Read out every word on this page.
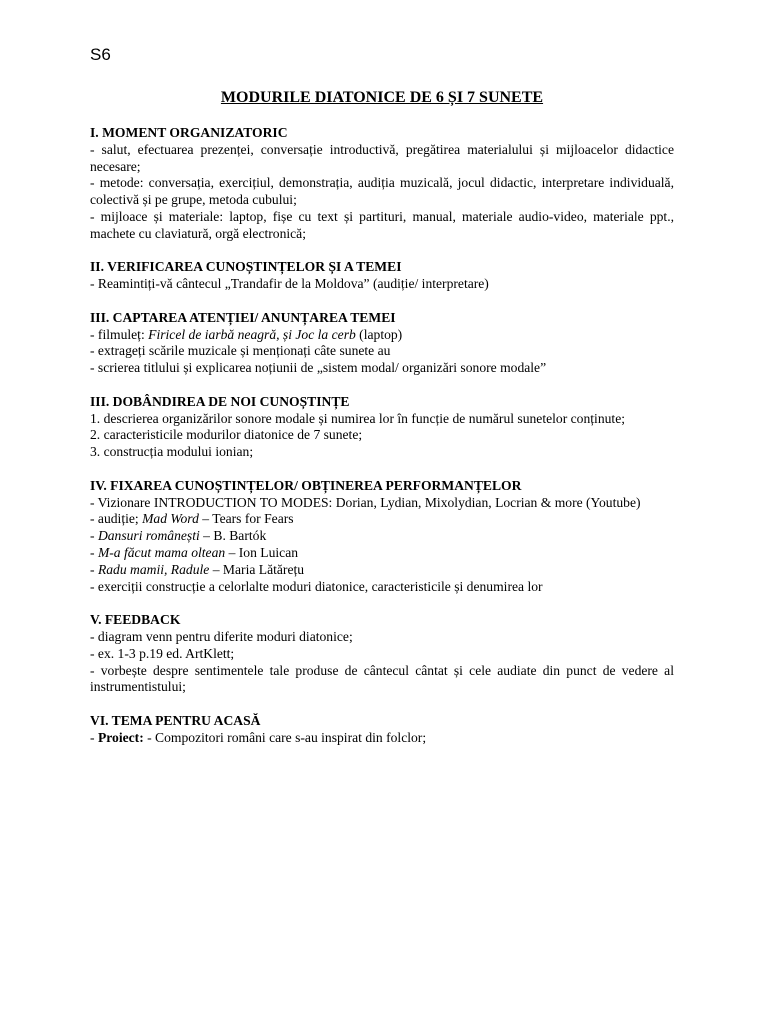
S6
MODURILE DIATONICE DE 6 ȘI 7 SUNETE
I. MOMENT ORGANIZATORIC
- salut, efectuarea prezenței, conversație introductivă, pregătirea materialului și mijloacelor didactice necesare;
- metode: conversația, exercițiul, demonstrația, audiția muzicală, jocul didactic, interpretare individuală, colectivă și pe grupe, metoda cubului;
- mijloace și materiale: laptop, fișe cu text și partituri, manual, materiale audio-video, materiale ppt., machete cu claviatură, orgă electronică;
II. VERIFICAREA CUNOȘTINȚELOR ȘI A TEMEI
- Reamintiți-vă cântecul „Trandafir de la Moldova” (audiție/ interpretare)
III. CAPTAREA ATENȚIEI/ ANUNȚAREA TEMEI
- filmuleț: Firicel de iarbă neagră, și Joc la cerb (laptop)
- extrageți scările muzicale și menționați câte sunete au
- scrierea titlului și explicarea noțiunii de „sistem modal/ organizări sonore modale”
III. DOBÂNDIREA DE NOI CUNOȘTINȚE
1. descrierea organizărilor sonore modale și numirea lor în funcție de numărul sunetelor conținute;
2. caracteristicile modurilor diatonice de 7 sunete;
3. construcția modului ionian;
IV. FIXAREA CUNOȘTINȚELOR/ OBȚINEREA PERFORMANȚELOR
- Vizionare INTRODUCTION TO MODES: Dorian, Lydian, Mixolydian, Locrian & more (Youtube)
- audiție; Mad Word – Tears for Fears
- Dansuri românești – B. Bartók
- M-a făcut mama oltean – Ion Luican
- Radu mamii, Radule – Maria Lătărețu
- exerciții construcție a celorlalte moduri diatonice, caracteristicile și denumirea lor
V. FEEDBACK
- diagram venn pentru diferite moduri diatonice;
- ex. 1-3 p.19 ed. ArtKlett;
- vorbește despre sentimentele tale produse de cântecul cântat și cele audiate din punct de vedere al instrumentistului;
VI. TEMA PENTRU ACASĂ
- Proiect: - Compozitori români care s-au inspirat din folclor;
